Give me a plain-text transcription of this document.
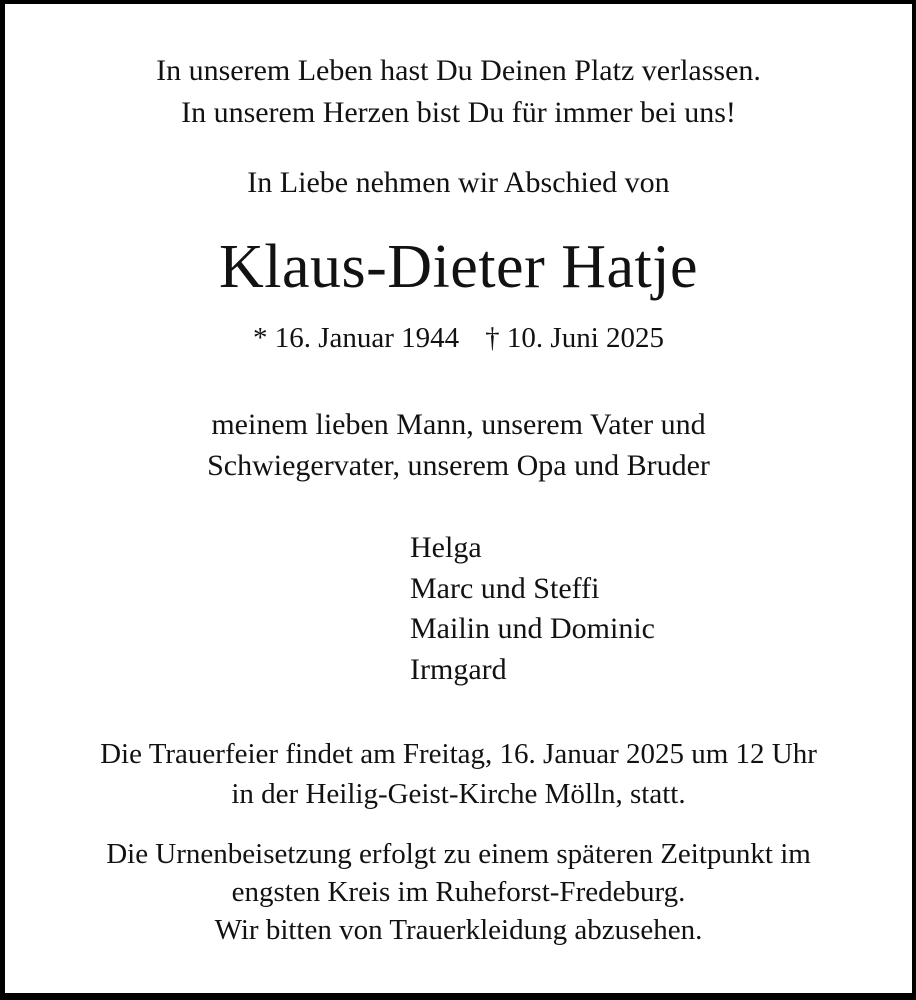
In unserem Leben hast Du Deinen Platz verlassen.
In unserem Herzen bist Du für immer bei uns!
In Liebe nehmen wir Abschied von
Klaus-Dieter Hatje
* 16. Januar 1944 † 10. Juni 2025
meinem lieben Mann, unserem Vater und
Schwiegervater, unserem Opa und Bruder
Helga
Marc und Steffi
Mailin und Dominic
Irmgard
Die Trauerfeier findet am Freitag, 16. Januar 2025 um 12 Uhr
in der Heilig-Geist-Kirche Mölln, statt.
Die Urnenbeisetzung erfolgt zu einem späteren Zeitpunkt im
engsten Kreis im Ruheforst-Fredeburg.
Wir bitten von Trauerkleidung abzusehen.
